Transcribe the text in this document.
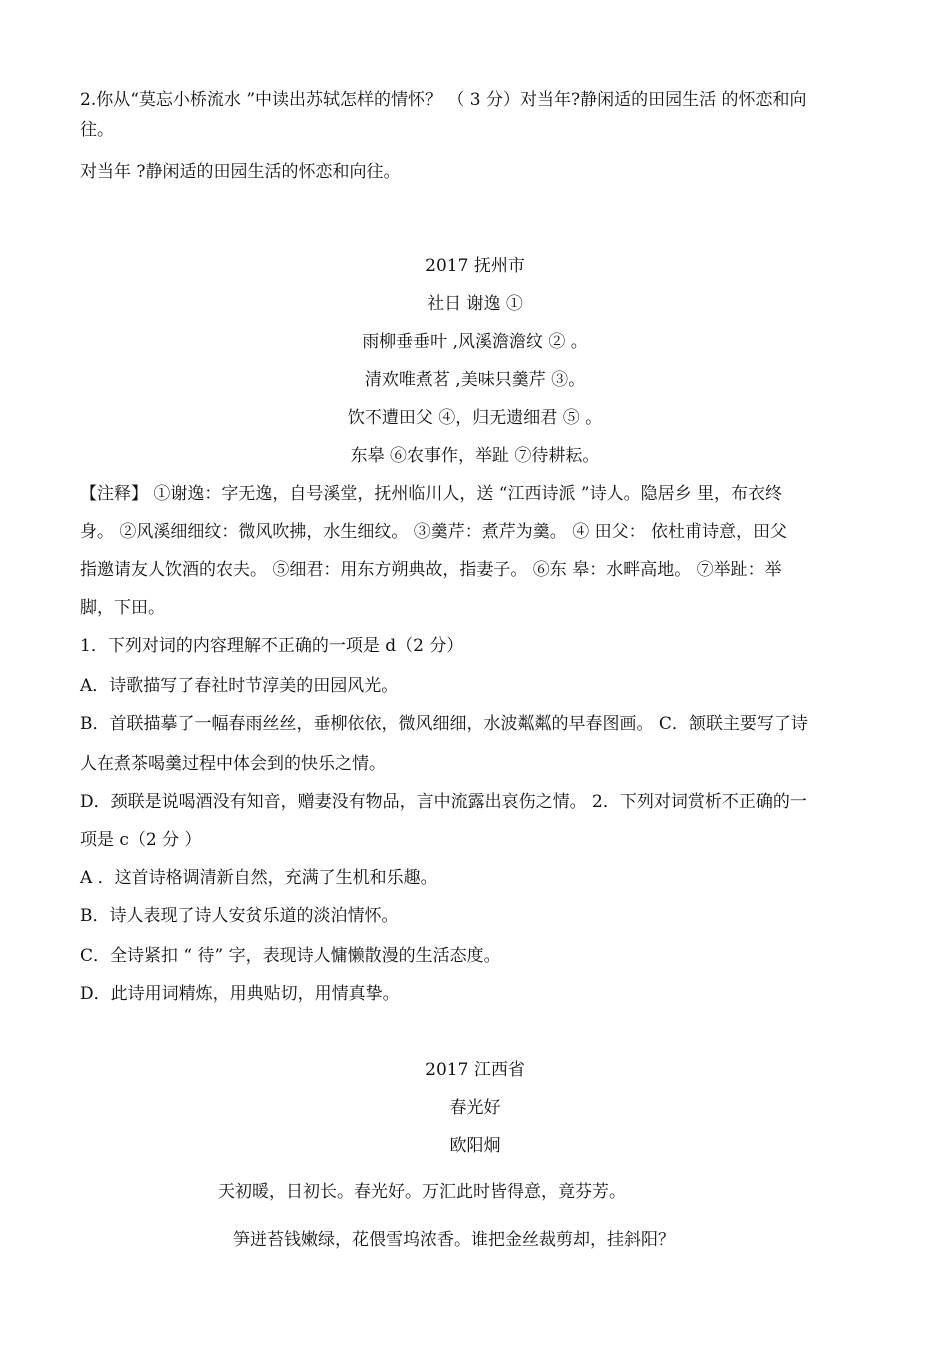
2.你从“莫忘小桥流水 ”中读出苏轼怎样的情怀？ （ 3 分）对当年?静闲适的田园生活 的怀恋和向
往。
对当年 ?静闲适的田园生活的怀恋和向往。
2017 抚州市
社日 谢逸 ①
雨柳垂垂叶 ,风溪澹澹纹 ② 。
清欢唯煮茗 ,美味只羹芹 ③。
饮不遭田父 ④，归无遗细君 ⑤ 。
东皋 ⑥农事作，举趾 ⑦待耕耘。
【注释】 ①谢逸：字无逸，自号溪堂，抚州临川人，送 “江西诗派 ”诗人。隐居乡 里，布衣终
身。 ②风溪细细纹：微风吹拂，水生细纹。 ③羹芹：煮芹为羹。 ④ 田父： 依杜甫诗意，田父
指邀请友人饮酒的农夫。 ⑤细君：用东方朔典故，指妻子。 ⑥东 皋：水畔高地。 ⑦举趾：举
脚，下田。
1．下列对词的内容理解不正确的一项是 d（2 分）
A．诗歌描写了春社时节淳美的田园风光。
B．首联描摹了一幅春雨丝丝，垂柳依依，微风细细，水波粼粼的早春图画。 C．颔联主要写了诗
人在煮茶喝羹过程中体会到的快乐之情。
D．颈联是说喝酒没有知音，赠妻没有物品，言中流露出哀伤之情。 2．下列对词赏析不正确的一
项是 c（2 分 ）
A ．这首诗格调清新自然，充满了生机和乐趣。
B．诗人表现了诗人安贫乐道的淡泊情怀。
C．全诗紧扣 “ 待” 字，表现诗人慵懒散漫的生活态度。
D．此诗用词精炼，用典贴切，用情真挚。
2017 江西省
春光好
欧阳炯
天初暖，日初长。春光好。万汇此时皆得意，竟芬芳。
笋迸苔钱嫩绿，花偎雪坞浓香。谁把金丝裁剪却，挂斜阳？
